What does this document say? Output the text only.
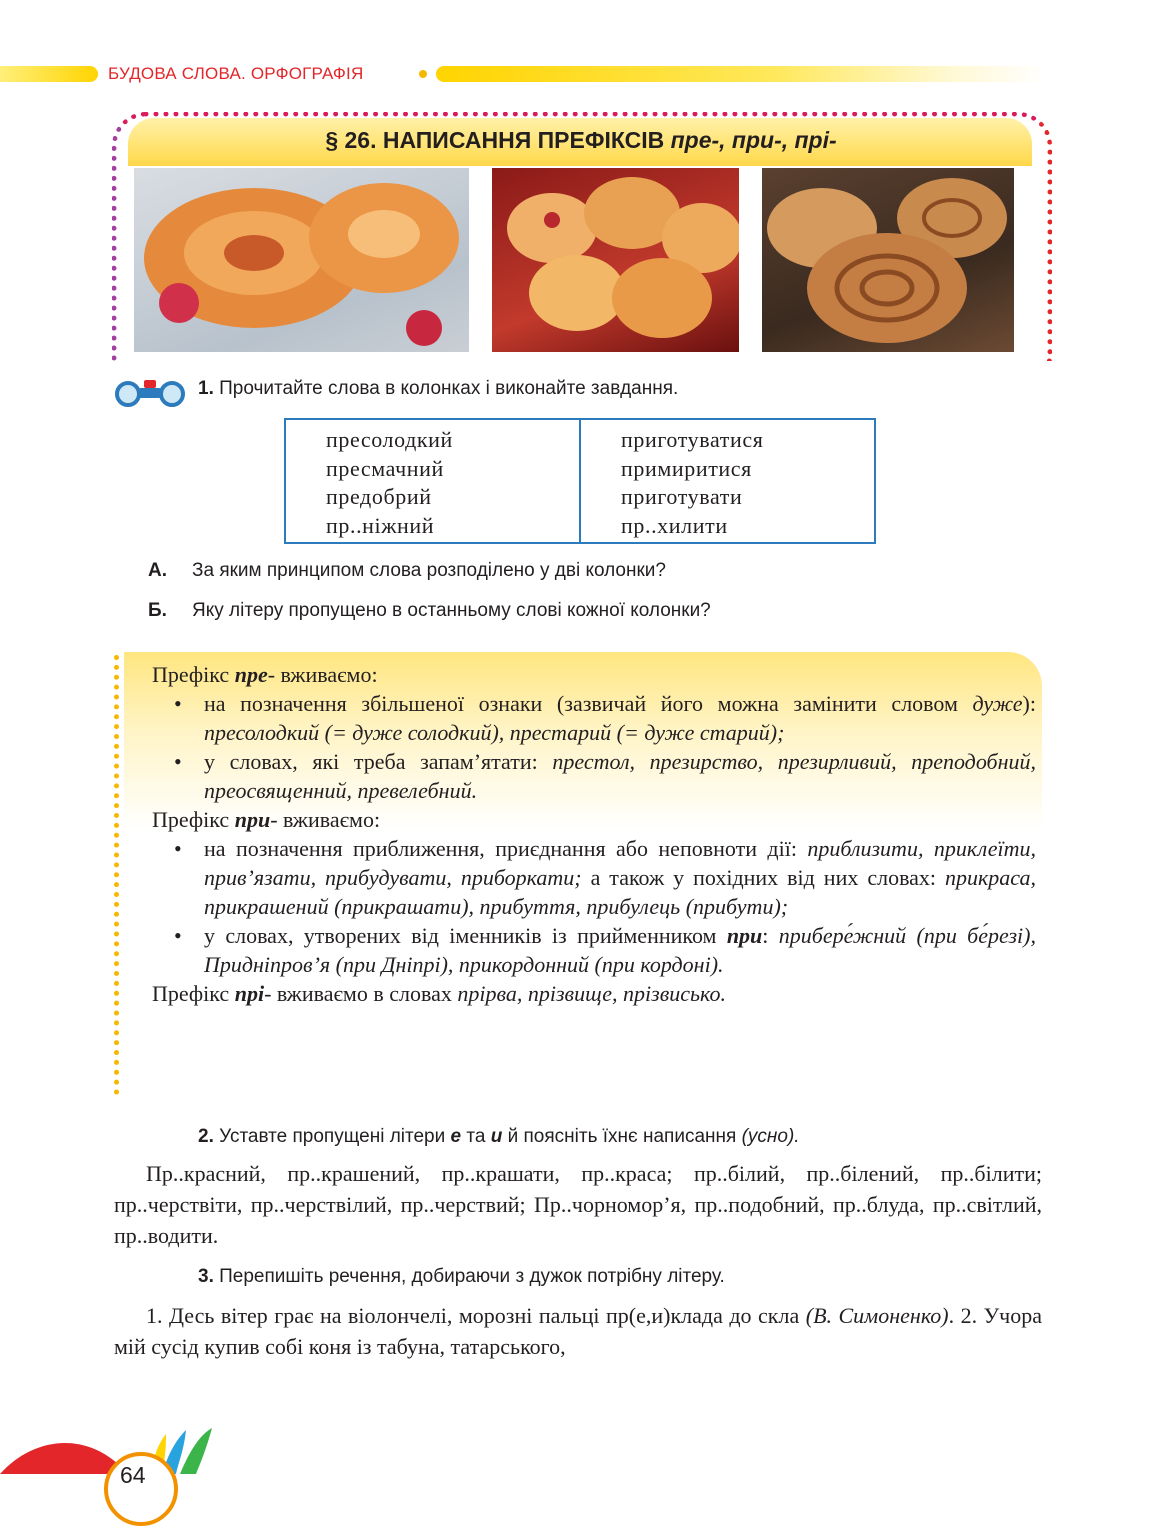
БУДОВА СЛОВА. ОРФОГРАФІЯ
§ 26. НАПИСАННЯ ПРЕФІКСІВ пре-, при-, прі-
1. Прочитайте слова в колонках і виконайте завдання.
пресолодкий
пресмачний
предобрий
пр..ніжний
приготуватися
примиритися
приготувати
пр..хилити
А. За яким принципом слова розподілено у дві колонки?
Б. Яку літеру пропущено в останньому слові кожної колонки?

Префікс пре- вживаємо:

• на позначення збільшеної ознаки (зазвичай його можна замінити словом дуже): пресолодкий (= дуже солодкий), престарий (= дуже старий);
• у словах, які треба запам’ятати: престол, презирство, презирливий, преподобний, преосвященний, превелебний.

Префікс при- вживаємо:

• на позначення приближення, приєднання або неповноти дії: приблизити, приклеїти, прив’язати, прибудувати, приборкати; а також у похідних від них словах: прикраса, прикрашений (прикрашати), прибуття, прибулець (прибути);
• у словах, утворених від іменників із прийменником при: прибере́жний (при бе́резі), Придніпров’я (при Дніпрі), прикордонний (при кордоні).

Префікс прі- вживаємо в словах прірва, прізвище, прізвисько.

2. Уставте пропущені літери е та и й поясніть їхнє написання (усно).
Пр..красний, пр..крашений, пр..крашати, пр..краса; пр..білий, пр..білений, пр..білити; пр..черствіти, пр..черствілий, пр..черствий; Пр..чорномор’я, пр..подобний, пр..блуда, пр..світлий, пр..водити.
3. Перепишіть речення, добираючи з дужок потрібну літеру.
1. Десь вітер грає на віолончелі, морозні пальці пр(е,и)клада до скла (В. Симоненко). 2. Учора мій сусід купив собі коня із табуна, татарського,
64
